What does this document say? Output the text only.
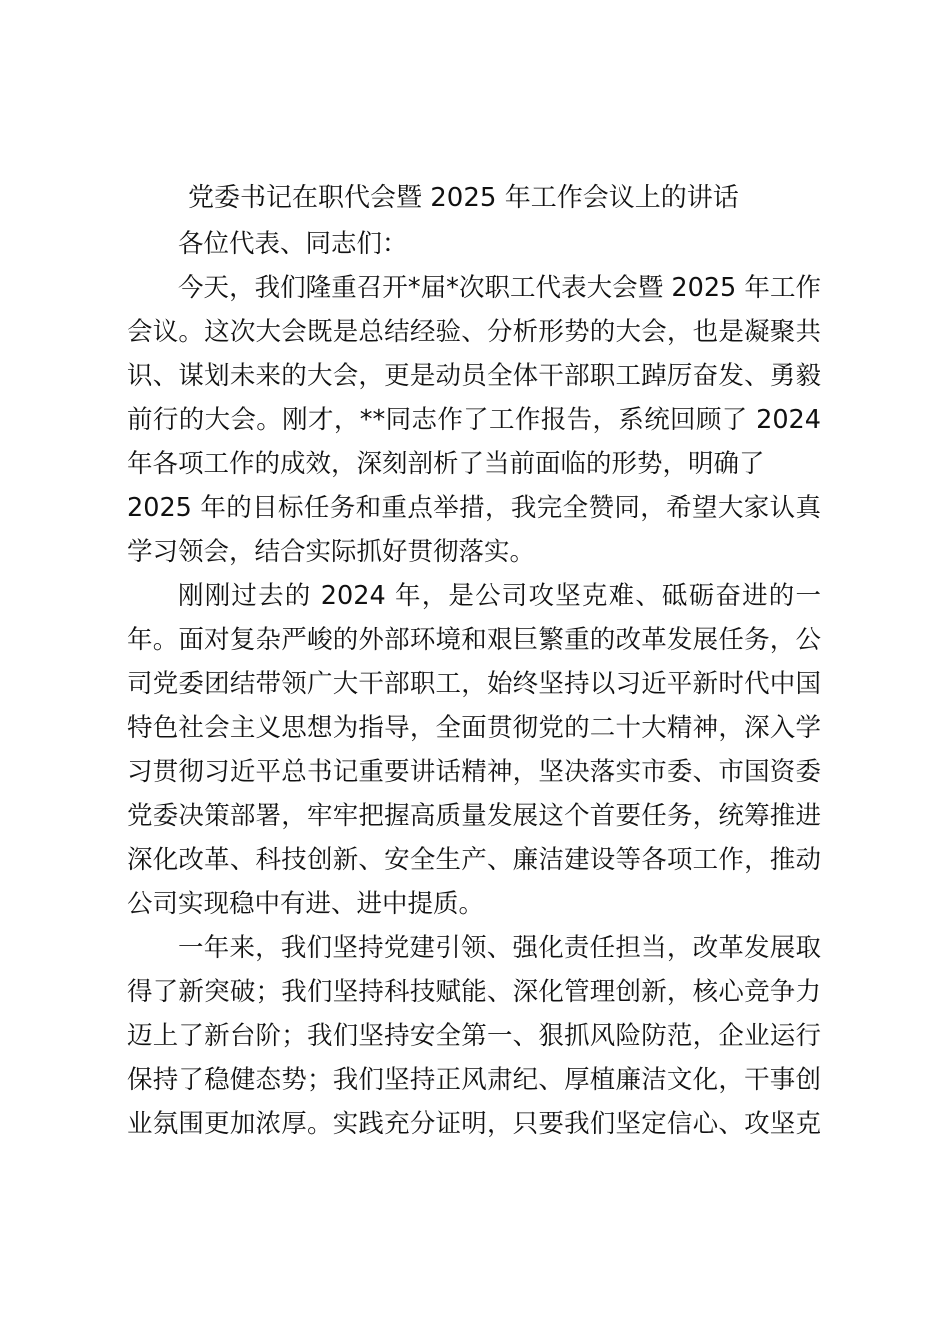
党委书记在职代会暨 2025 年工作会议上的讲话
各位代表、同志们：
今天，我们隆重召开*届*次职工代表大会暨 2025 年工作
会议。这次大会既是总结经验、分析形势的大会，也是凝聚共
识、谋划未来的大会，更是动员全体干部职工踔厉奋发、勇毅
前行的大会。刚才，**同志作了工作报告，系统回顾了 2024
年各项工作的成效，深刻剖析了当前面临的形势，明确了
2025 年的目标任务和重点举措，我完全赞同，希望大家认真
学习领会，结合实际抓好贯彻落实。
刚刚过去的 2024 年，是公司攻坚克难、砥砺奋进的一
年。面对复杂严峻的外部环境和艰巨繁重的改革发展任务，公
司党委团结带领广大干部职工，始终坚持以习近平新时代中国
特色社会主义思想为指导，全面贯彻党的二十大精神，深入学
习贯彻习近平总书记重要讲话精神，坚决落实市委、市国资委
党委决策部署，牢牢把握高质量发展这个首要任务，统筹推进
深化改革、科技创新、安全生产、廉洁建设等各项工作，推动
公司实现稳中有进、进中提质。
一年来，我们坚持党建引领、强化责任担当，改革发展取
得了新突破；我们坚持科技赋能、深化管理创新，核心竞争力
迈上了新台阶；我们坚持安全第一、狠抓风险防范，企业运行
保持了稳健态势；我们坚持正风肃纪、厚植廉洁文化，干事创
业氛围更加浓厚。实践充分证明，只要我们坚定信心、攻坚克
